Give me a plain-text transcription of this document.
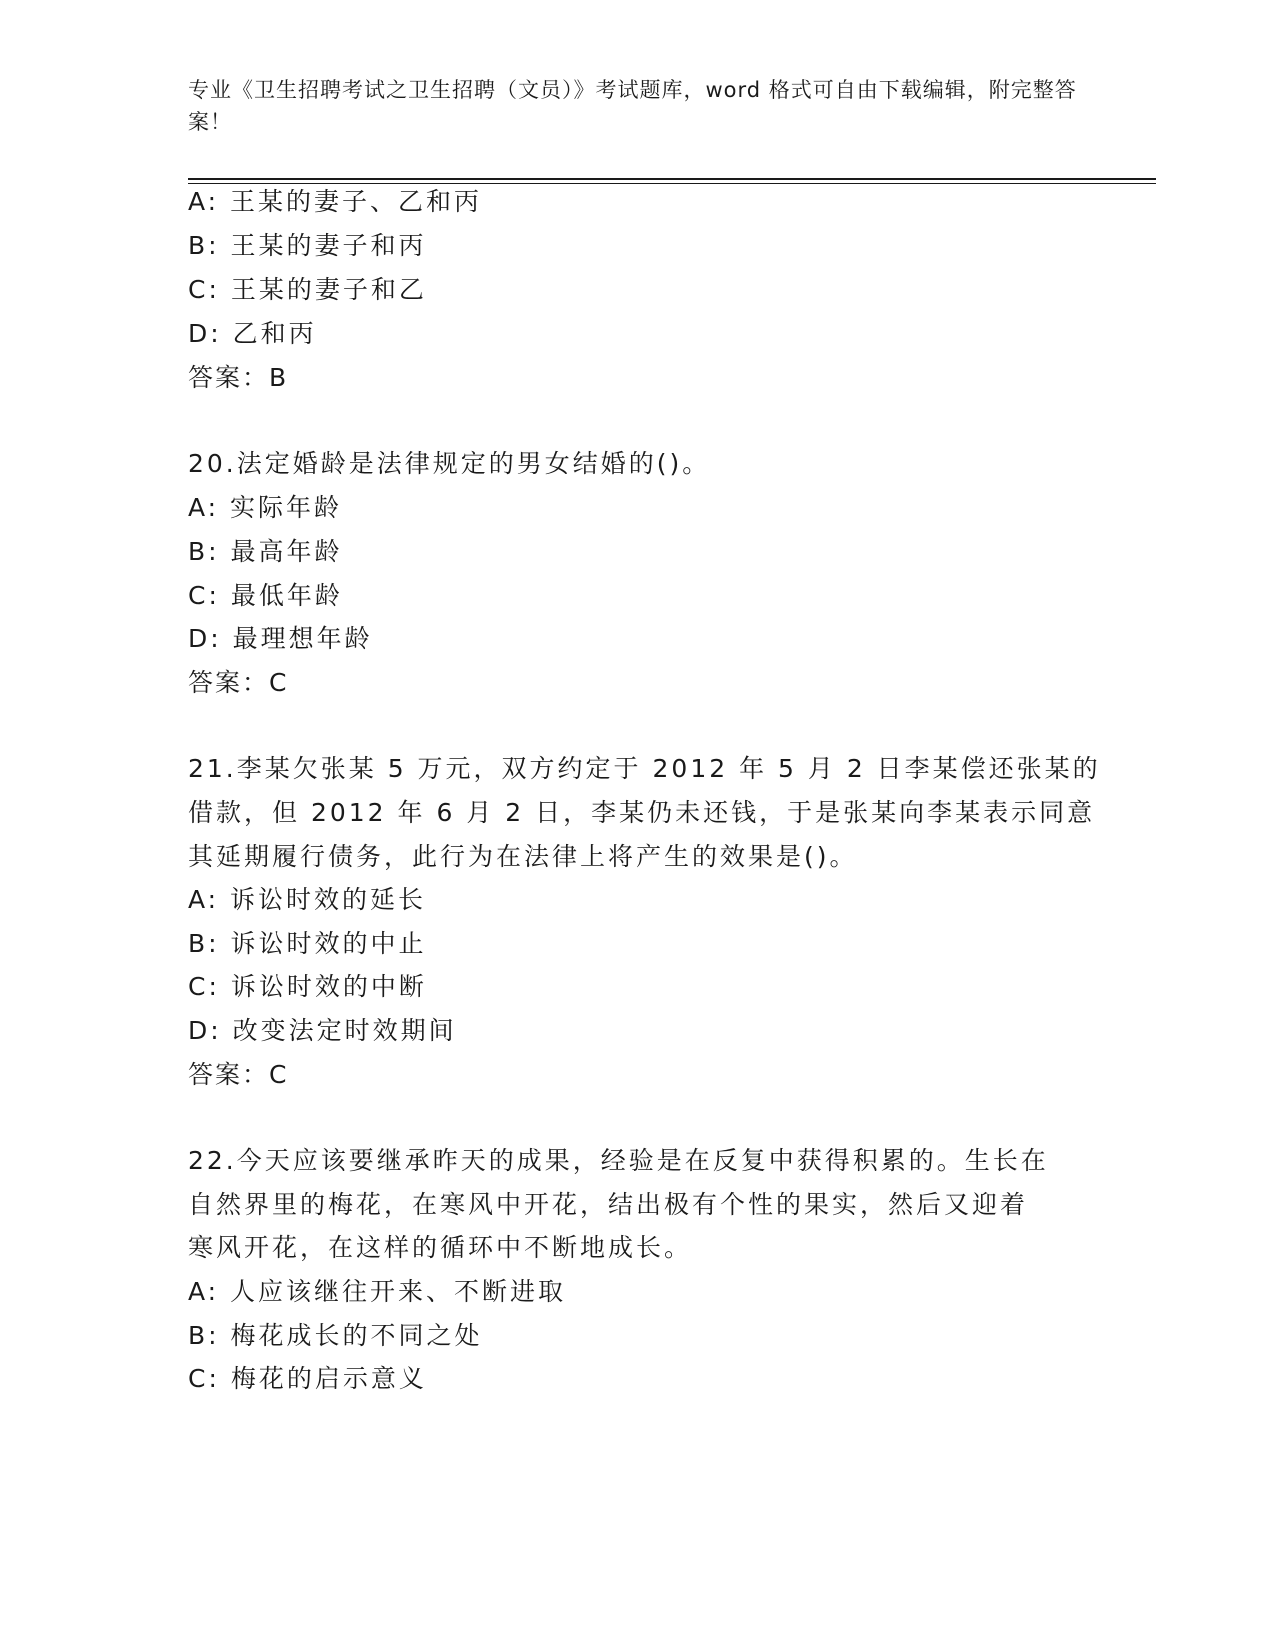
专业《卫生招聘考试之卫生招聘（文员）》考试题库，word 格式可自由下载编辑，附完整答案！
A: 王某的妻子、乙和丙
B: 王某的妻子和丙
C: 王某的妻子和乙
D: 乙和丙
答案：B
20.法定婚龄是法律规定的男女结婚的()。
A: 实际年龄
B: 最高年龄
C: 最低年龄
D: 最理想年龄
答案：C
21.李某欠张某 5 万元，双方约定于 2012 年 5 月 2 日李某偿还张某的
借款，但 2012 年 6 月 2 日，李某仍未还钱，于是张某向李某表示同意
其延期履行债务，此行为在法律上将产生的效果是()。
A: 诉讼时效的延长
B: 诉讼时效的中止
C: 诉讼时效的中断
D: 改变法定时效期间
答案：C
22.今天应该要继承昨天的成果，经验是在反复中获得积累的。生长在
自然界里的梅花，在寒风中开花，结出极有个性的果实，然后又迎着
寒风开花，在这样的循环中不断地成长。
A: 人应该继往开来、不断进取
B: 梅花成长的不同之处
C: 梅花的启示意义
